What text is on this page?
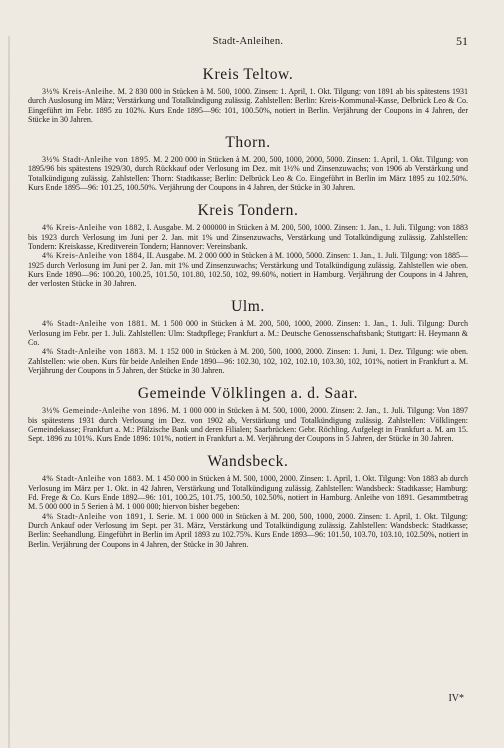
Stadt-Anleihen.	51
Kreis Teltow.

3½% Kreis-Anleihe. M. 2 830 000 in Stücken à M. 500, 1000. Zinsen: 1. April, 1. Okt. Tilgung: von 1891 ab bis spätestens 1931 durch Auslosung im März; Verstärkung und Totalkündigung zulässig. Zahlstellen: Berlin: Kreis-Kommunal-Kasse, Delbrück Leo & Co. Eingeführt im Febr. 1895 zu 102%. Kurs Ende 1895—96: 101, 100.50%, notiert in Berlin. Verjährung der Coupons in 4 Jahren, der Stücke in 30 Jahren.

Thorn.

3½% Stadt-Anleihe von 1895. M. 2 200 000 in Stücken à M. 200, 500, 1000, 2000, 5000. Zinsen: 1. April, 1. Okt. Tilgung: von 1895/96 bis spätestens 1929/30, durch Rückkauf oder Verlosung im Dez. mit 1½% und Zinsenzuwachs; von 1906 ab Verstärkung und Totalkündigung zulässig. Zahlstellen: Thorn: Stadtkasse; Berlin: Delbrück Leo & Co. Eingeführt in Berlin im März 1895 zu 102.50%. Kurs Ende 1895—96: 101.25, 100.50%. Verjährung der Coupons in 4 Jahren, der Stücke in 30 Jahren.

Kreis Tondern.

4% Kreis-Anleihe von 1882, I. Ausgabe. M. 2 000000 in Stücken à M. 200, 500, 1000. Zinsen: 1. Jan., 1. Juli. Tilgung: von 1883 bis 1923 durch Verlosung im Juni per 2. Jan. mit 1% und Zinsenzuwachs, Verstärkung und Totalkündigung zulässig. Zahlstellen: Tondern: Kreiskasse, Kreditverein Tondern; Hannover: Vereinsbank.

4% Kreis-Anleihe von 1884, II. Ausgabe. M. 2 000 000 in Stücken à M. 1000, 5000. Zinsen: 1. Jan., 1. Juli. Tilgung: von 1885—1925 durch Verlosung im Juni per 2. Jan. mit 1% und Zinsenzuwachs; Verstärkung und Totalkündigung zulässig. Zahlstellen wie oben. Kurs Ende 1890—96: 100.20, 100.25, 101.50, 101.80, 102.50, 102, 99.60%, notiert in Hamburg. Verjährung der Coupons in 4 Jahren, der verlosten Stücke in 30 Jahren.

Ulm.

4% Stadt-Anleihe von 1881. M. 1 500 000 in Stücken à M. 200, 500, 1000, 2000. Zinsen: 1. Jan., 1. Juli. Tilgung: Durch Verlosung im Febr. per 1. Juli. Zahlstellen: Ulm: Stadtpflege; Frankfurt a. M.: Deutsche Genossenschaftsbank; Stuttgart: H. Heymann & Co.

4% Stadt-Anleihe von 1883. M. 1 152 000 in Stücken à M. 200, 500, 1000, 2000. Zinsen: 1. Juni, 1. Dez. Tilgung: wie oben. Zahlstellen: wie oben. Kurs für beide Anleihen Ende 1890—96: 102.30, 102, 102, 102.10, 103.30, 102, 101%, notiert in Frankfurt a. M. Verjährung der Coupons in 5 Jahren, der Stücke in 30 Jahren.

Gemeinde Völklingen a. d. Saar.

3½% Gemeinde-Anleihe von 1896. M. 1 000 000 in Stücken à M. 500, 1000, 2000. Zinsen: 2. Jan., 1. Juli. Tilgung: Von 1897 bis spätestens 1931 durch Verlosung im Dez. von 1902 ab, Verstärkung und Totalkündigung zulässig. Zahlstellen: Völklingen: Gemeindekasse; Frankfurt a. M.: Pfälzische Bank und deren Filialen; Saarbrücken: Gebr. Röchling. Aufgelegt in Frankfurt a. M. am 15. Sept. 1896 zu 101%. Kurs Ende 1896: 101%, notiert in Frankfurt a. M. Verjährung der Coupons in 5 Jahren, der Stücke in 30 Jahren.

Wandsbeck.

4% Stadt-Anleihe von 1883. M. 1 450 000 in Stücken à M. 500, 1000, 2000. Zinsen: 1. April, 1. Okt. Tilgung: Von 1883 ab durch Verlosung im März per 1. Okt. in 42 Jahren, Verstärkung und Totalkündigung zulässig. Zahlstellen: Wandsbeck: Stadtkasse; Hamburg: Fd. Frege & Co. Kurs Ende 1892—96: 101, 100.25, 101.75, 100.50, 102.50%, notiert in Hamburg. Anleihe von 1891. Gesammtbetrag M. 5 000 000 in 5 Serien à M. 1 000 000; hiervon bisher begeben:

4% Stadt-Anleihe von 1891, I. Serie. M. 1 000 000 in Stücken à M. 200, 500, 1000, 2000. Zinsen: 1. April, 1. Okt. Tilgung: Durch Ankauf oder Verlosung im Sept. per 31. März, Verstärkung und Totalkündigung zulässig. Zahlstellen: Wandsbeck: Stadtkasse; Berlin: Seehandlung. Eingeführt in Berlin im April 1893 zu 102.75%. Kurs Ende 1893—96: 101.50, 103.70, 103.10, 102.50%, notiert in Berlin. Verjährung der Coupons in 4 Jahren, der Stücke in 30 Jahren.

IV*
